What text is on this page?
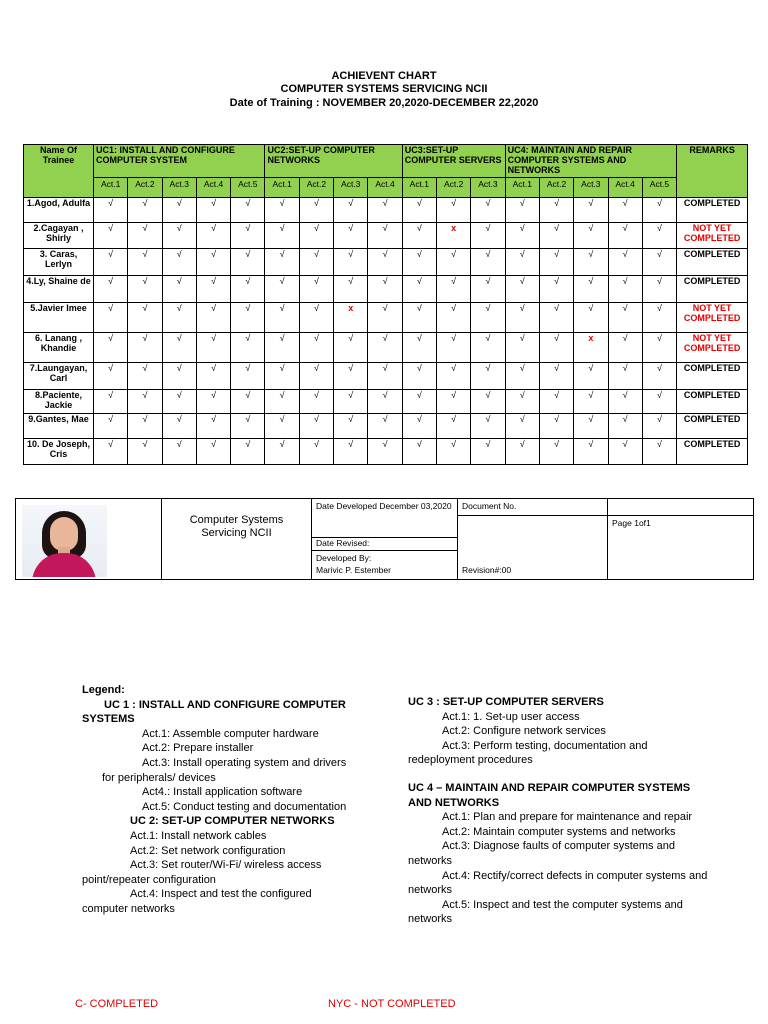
ACHIEVENT CHART
COMPUTER SYSTEMS SERVICING NCII
Date of Training : NOVEMBER 20,2020-DECEMBER 22,2020
Name Of Trainee	UC1: INSTALL AND CONFIGURE COMPUTER SYSTEM					UC2:SET-UP COMPUTER NETWORKS				UC3:SET-UP COMPUTER SERVERS			UC4: MAINTAIN AND REPAIR COMPUTER SYSTEMS AND NETWORKS					REMARKS
	Act.1	Act.2	Act.3	Act.4	Act.5	Act.1	Act.2	Act.3	Act.4	Act.1	Act.2	Act.3	Act.1	Act.2	Act.3	Act.4	Act.5	
1.Agod, Adulfa	√	√	√	√	√	√	√	√	√	√	√	√	√	√	√	√	√	COMPLETED
2.Cagayan , Shirly	√	√	√	√	√	√	√	√	√	√	x	√	√	√	√	√	√	NOT YET COMPLETED
3. Caras, Lerlyn	√	√	√	√	√	√	√	√	√	√	√	√	√	√	√	√	√	COMPLETED
4.Ly, Shaine de	√	√	√	√	√	√	√	√	√	√	√	√	√	√	√	√	√	COMPLETED
5.Javier Imee	√	√	√	√	√	√	√	x	√	√	√	√	√	√	√	√	√	NOT YET COMPLETED
6. Lanang , Khandie	√	√	√	√	√	√	√	√	√	√	√	√	√	√	x	√	√	NOT YET COMPLETED
7.Laungayan, Carl	√	√	√	√	√	√	√	√	√	√	√	√	√	√	√	√	√	COMPLETED
8.Paciente, Jackie	√	√	√	√	√	√	√	√	√	√	√	√	√	√	√	√	√	COMPLETED
9.Gantes, Mae	√	√	√	√	√	√	√	√	√	√	√	√	√	√	√	√	√	COMPLETED
10. De Joseph, Cris	√	√	√	√	√	√	√	√	√	√	√	√	√	√	√	√	√	COMPLETED
	Computer Systems Servicing NCII	Date Developed December 03,2020	Document No.	
			Revision#:00	Page 1of1
		Date Revised:		

		Developed By:
Marivic P. Estember		
Legend:
UC 1 : INSTALL AND CONFIGURE COMPUTER
SYSTEMS
Act.1: Assemble computer hardware
Act.2: Prepare installer
Act.3: Install operating system and drivers
for peripherals/ devices
Act4.: Install application software
Act.5: Conduct testing and documentation
UC 2: SET-UP COMPUTER NETWORKS
Act.1: Install network cables
Act.2: Set network configuration
Act.3: Set router/Wi-Fi/ wireless access
point/repeater configuration
Act.4: Inspect and test the configured
computer networks
UC 3 : SET-UP COMPUTER SERVERS
Act.1: 1. Set-up user access
Act.2: Configure network services
Act.3: Perform testing, documentation and
redeployment procedures
UC 4 – MAINTAIN AND REPAIR COMPUTER SYSTEMS
AND NETWORKS
Act.1: Plan and prepare for maintenance and repair
Act.2: Maintain computer systems and networks
Act.3: Diagnose faults of computer systems and
networks
Act.4: Rectify/correct defects in computer systems and
networks
Act.5: Inspect and test the computer systems and
networks
C- COMPLETED	NYC - NOT COMPLETED
